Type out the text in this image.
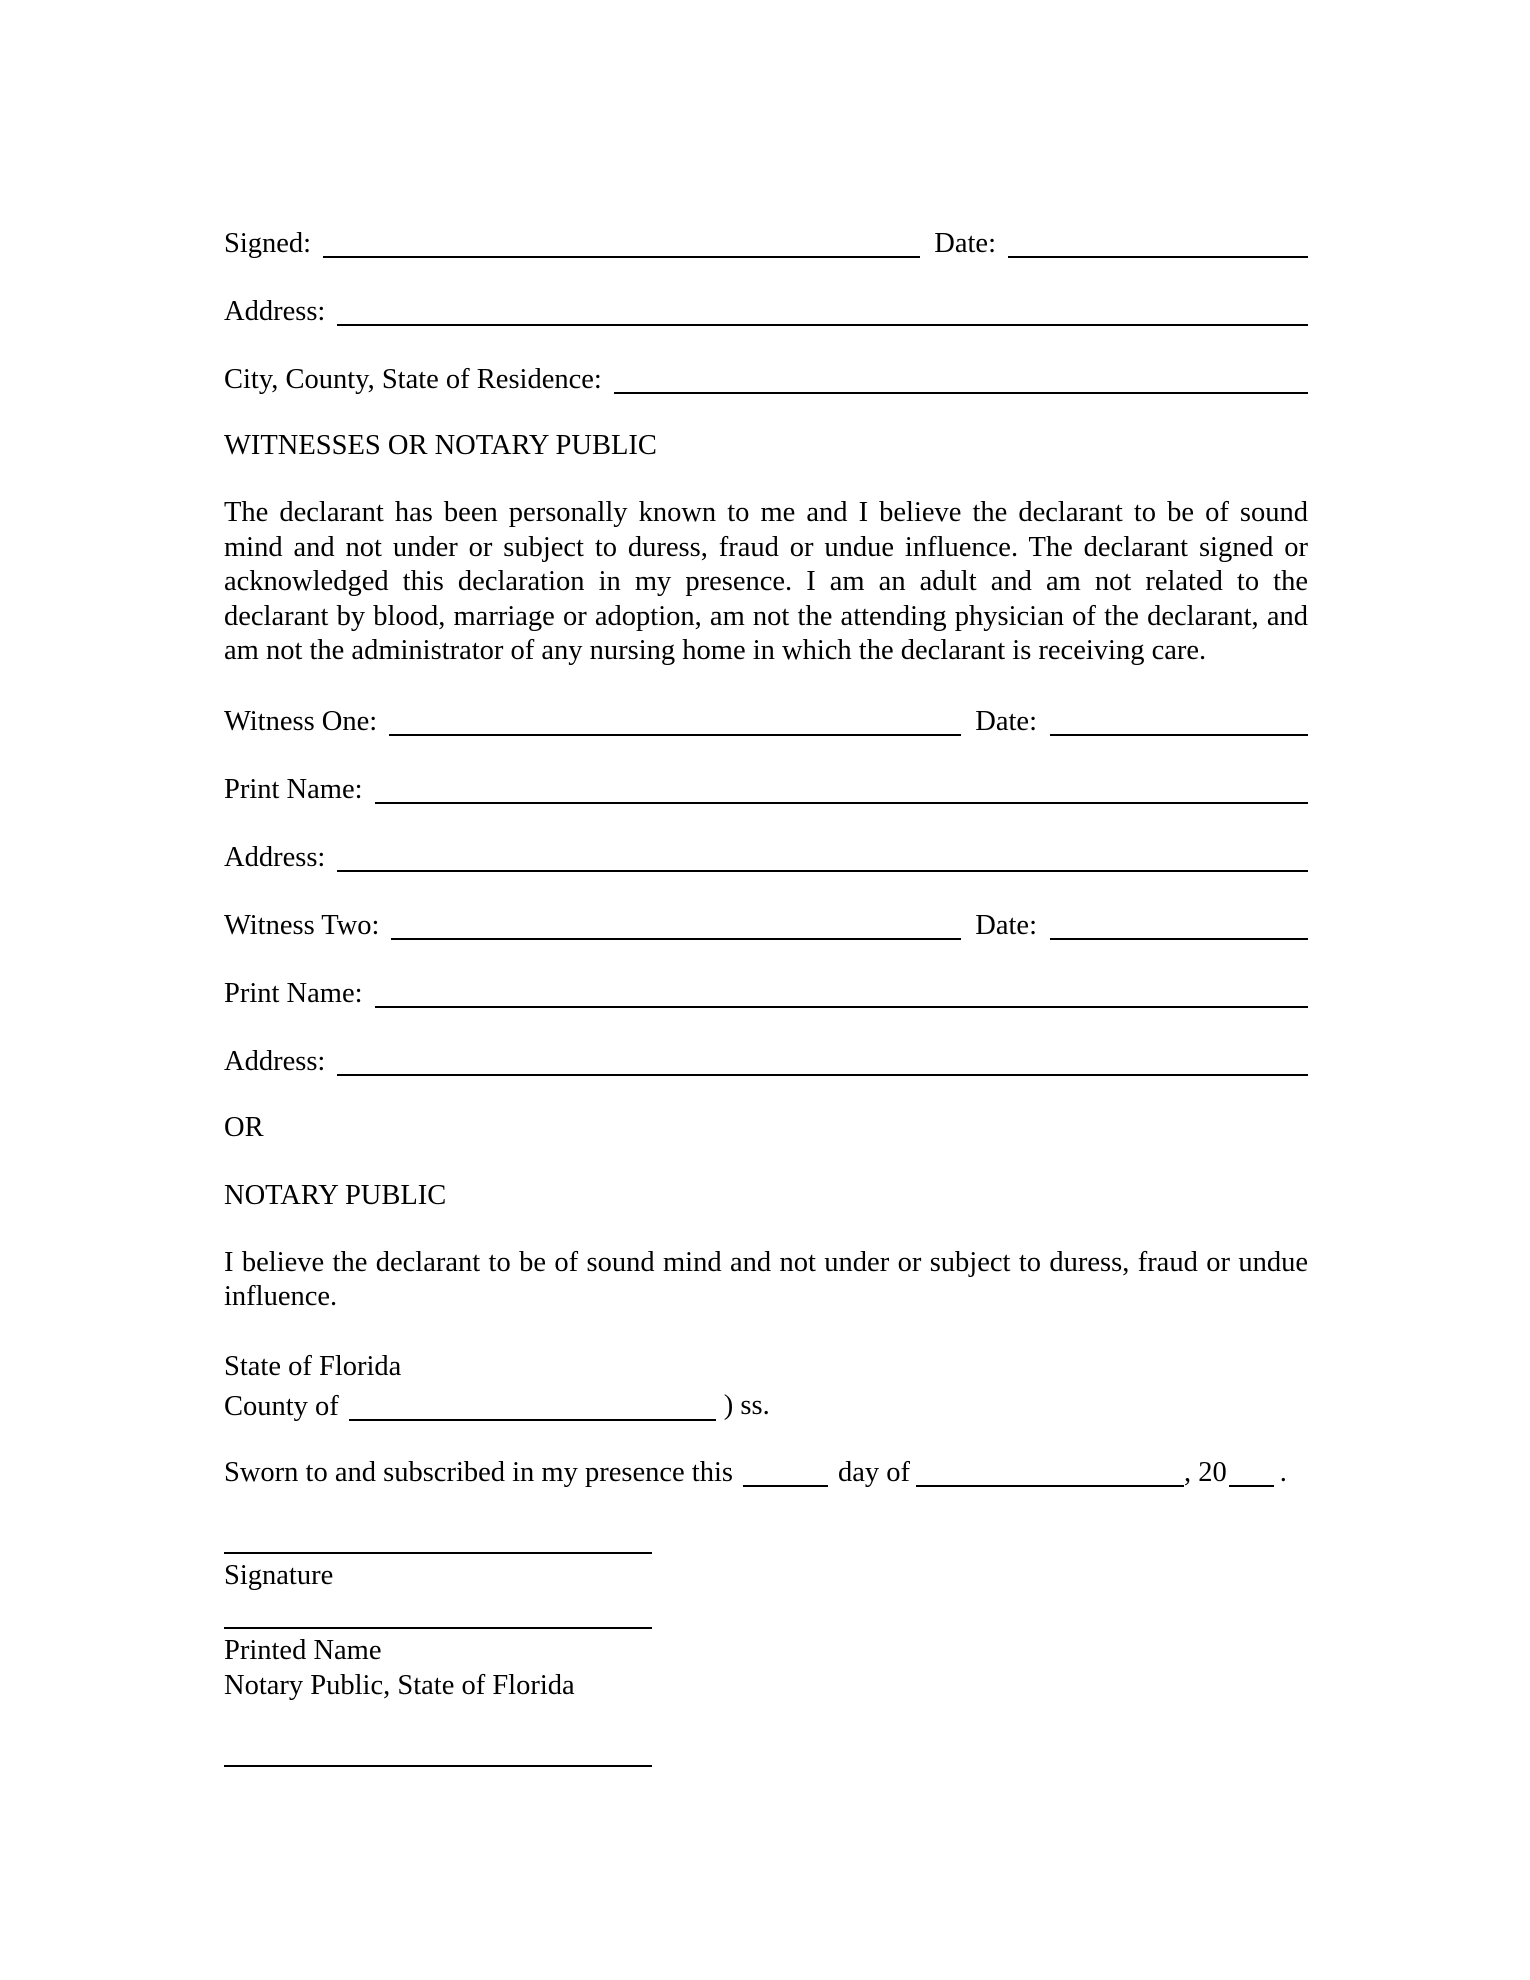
Signed:	Date:
Address:
City, County, State of Residence:
WITNESSES OR NOTARY PUBLIC
The declarant has been personally known to me and I believe the declarant to be of sound mind and not under or subject to duress, fraud or undue influence. The declarant signed or acknowledged this declaration in my presence. I am an adult and am not related to the declarant by blood, marriage or adoption, am not the attending physician of the declarant, and am not the administrator of any nursing home in which the declarant is receiving care.
Witness One:	Date:
Print Name:
Address:
Witness Two:	Date:
Print Name:
Address:
OR
NOTARY PUBLIC
I believe the declarant to be of sound mind and not under or subject to duress, fraud or undue influence.
State of Florida
County of	) ss.
Sworn to and subscribed in my presence this	day of	, 20 .
Signature
Printed Name
Notary Public, State of Florida
